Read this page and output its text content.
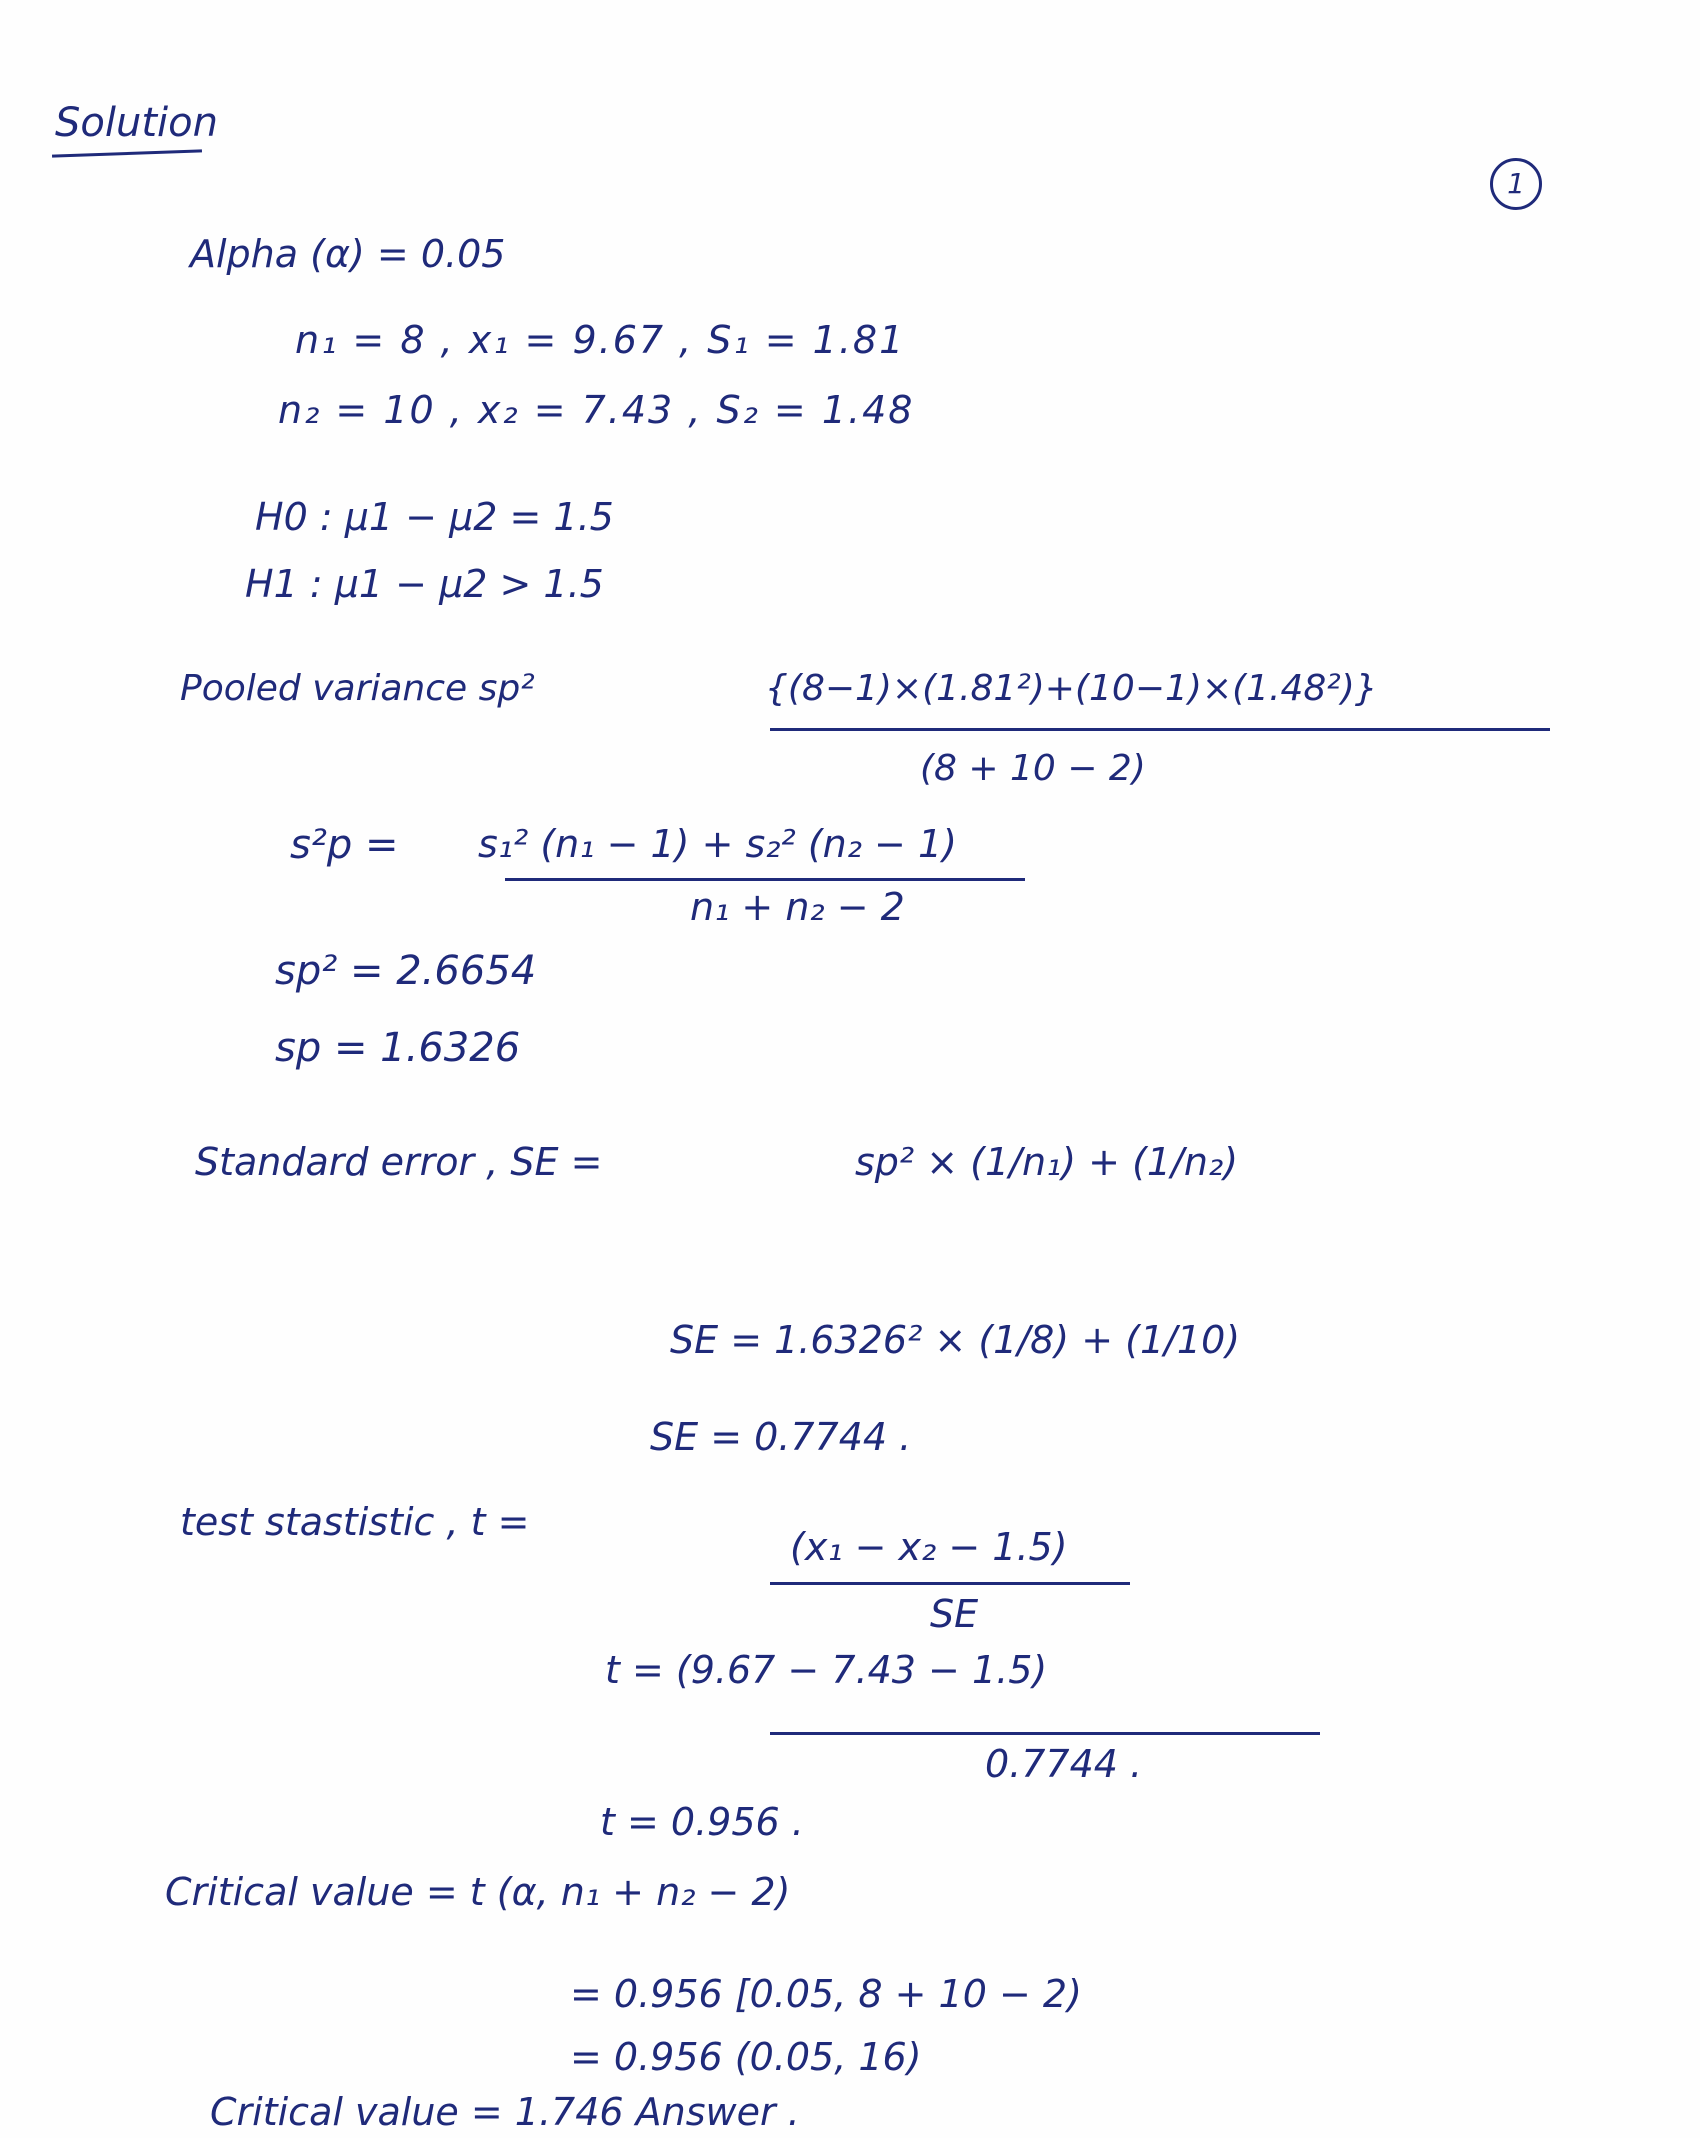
Solution
1
Alpha (α) = 0.05
n₁ = 8 , x₁ = 9.67 , S₁ = 1.81
n₂ = 10 , x₂ = 7.43 , S₂ = 1.48
H0 : μ1 − μ2 = 1.5
H1 : μ1 − μ2 > 1.5
Pooled variance sp²	{(8−1)×(1.81²)+(10−1)×(1.48²)}
(8 + 10 − 2)
s²p = s₁² (n₁ − 1) + s₂² (n₂ − 1)
n₁ + n₂ − 2
sp² = 2.6654
sp = 1.6326
Standard error , SE =	sp² × (1/n₁) + (1/n₂)
SE = 1.6326² × (1/8) + (1/10)
SE = 0.7744 .
test stastistic , t =
(x₁ − x₂ − 1.5)
SE
t = (9.67 − 7.43 − 1.5)
0.7744 .
t = 0.956 .
Critical value = t (α, n₁ + n₂ − 2)
= 0.956 [0.05, 8 + 10 − 2)
= 0.956 (0.05, 16)
Critical value = 1.746 Answer .
